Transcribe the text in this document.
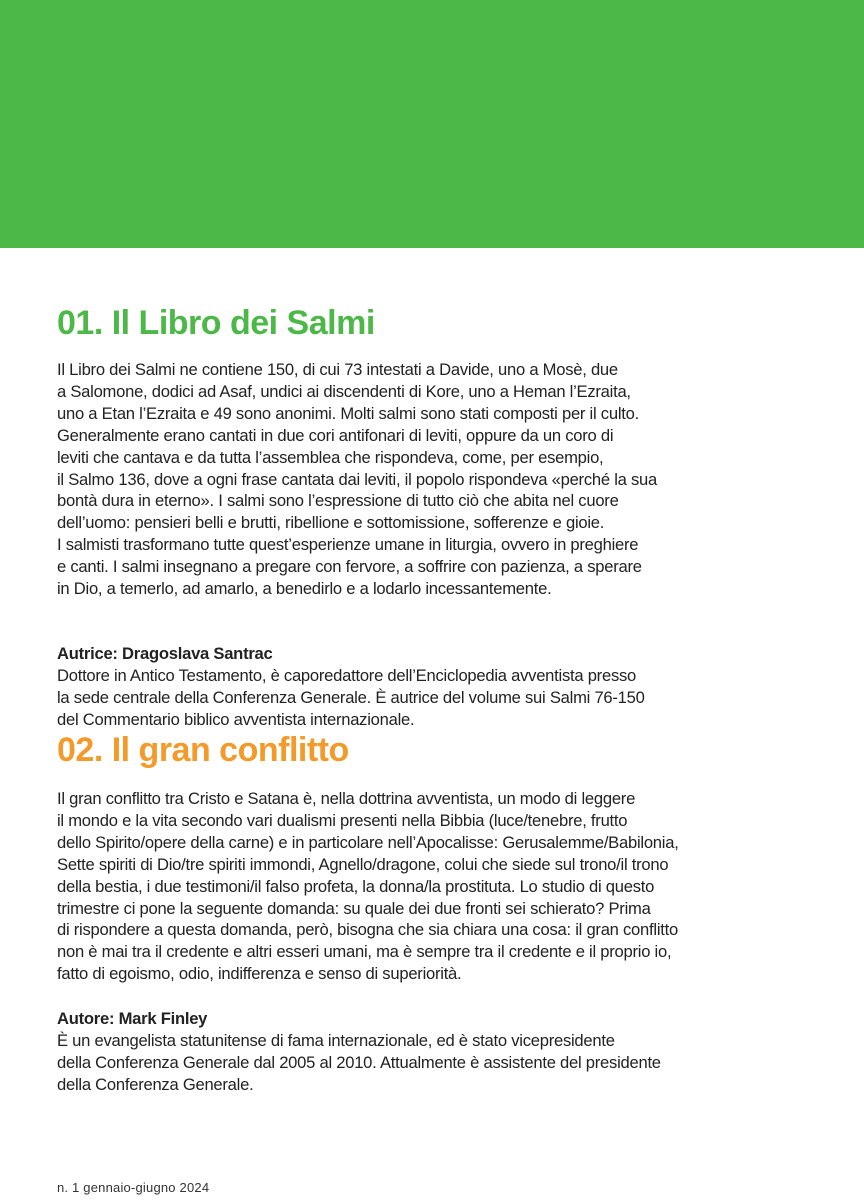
01. Il Libro dei Salmi
Il Libro dei Salmi ne contiene 150, di cui 73 intestati a Davide, uno a Mosè, due
a Salomone, dodici ad Asaf, undici ai discendenti di Kore, uno a Heman l’Ezraita,
uno a Etan l’Ezraita e 49 sono anonimi. Molti salmi sono stati composti per il culto.
Generalmente erano cantati in due cori antifonari di leviti, oppure da un coro di
leviti che cantava e da tutta l’assemblea che rispondeva, come, per esempio,
il Salmo 136, dove a ogni frase cantata dai leviti, il popolo rispondeva «perché la sua
bontà dura in eterno». I salmi sono l’espressione di tutto ciò che abita nel cuore
dell’uomo: pensieri belli e brutti, ribellione e sottomissione, sofferenze e gioie.
I salmisti trasformano tutte quest’esperienze umane in liturgia, ovvero in preghiere
e canti. I salmi insegnano a pregare con fervore, a soffrire con pazienza, a sperare
in Dio, a temerlo, ad amarlo, a benedirlo e a lodarlo incessantemente.
Autrice: Dragoslava Santrac
Dottore in Antico Testamento, è caporedattore dell’Enciclopedia avventista presso
la sede centrale della Conferenza Generale. È autrice del volume sui Salmi 76-150
del Commentario biblico avventista internazionale.
02. Il gran conflitto
Il gran conflitto tra Cristo e Satana è, nella dottrina avventista, un modo di leggere
il mondo e la vita secondo vari dualismi presenti nella Bibbia (luce/tenebre, frutto
dello Spirito/opere della carne) e in particolare nell’Apocalisse: Gerusalemme/Babilonia,
Sette spiriti di Dio/tre spiriti immondi, Agnello/dragone, colui che siede sul trono/il trono
della bestia, i due testimoni/il falso profeta, la donna/la prostituta. Lo studio di questo
trimestre ci pone la seguente domanda: su quale dei due fronti sei schierato? Prima
di rispondere a questa domanda, però, bisogna che sia chiara una cosa: il gran conflitto
non è mai tra il credente e altri esseri umani, ma è sempre tra il credente e il proprio io,
fatto di egoismo, odio, indifferenza e senso di superiorità.
Autore: Mark Finley
È un evangelista statunitense di fama internazionale, ed è stato vicepresidente
della Conferenza Generale dal 2005 al 2010. Attualmente è assistente del presidente
della Conferenza Generale.
n. 1 gennaio-giugno 2024
